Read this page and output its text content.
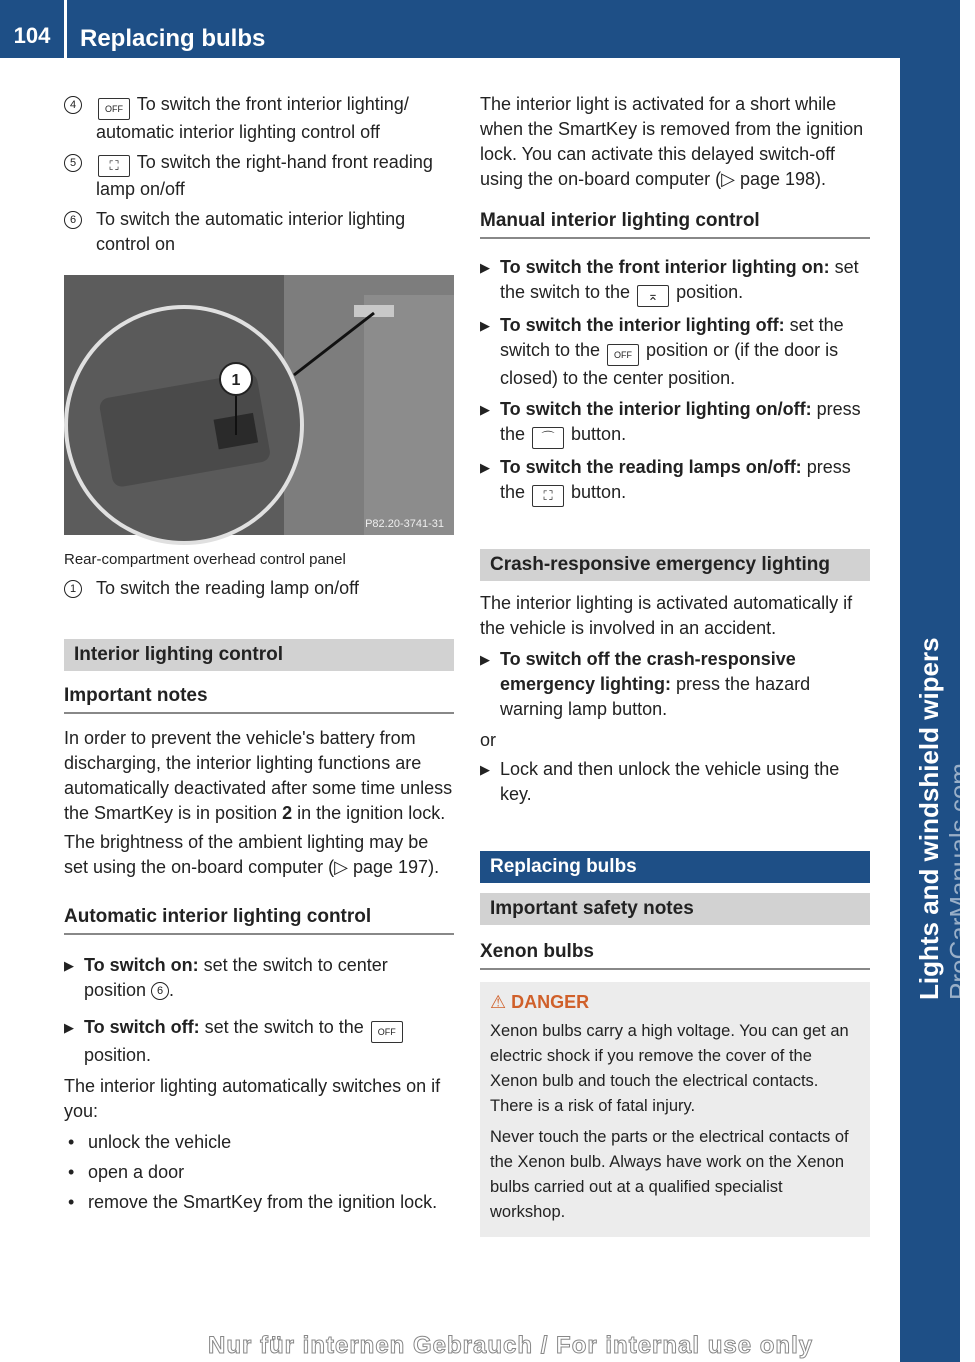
104	Replacing bulbs
Lights and windshield wipers ProCarManuals.com
4	OFF To switch the front interior lighting/ automatic interior lighting control off
5	⛶ To switch the right-hand front reading lamp on/off
6	To switch the automatic interior lighting control on
1
P82.20-3741-31
Rear-compartment overhead control panel
1	To switch the reading lamp on/off
Interior lighting control
Important notes

In order to prevent the vehicle's battery from discharging, the interior lighting functions are automatically deactivated after some time unless the SmartKey is in position 2 in the ignition lock.

The brightness of the ambient lighting may be set using the on-board computer (▷ page 197).

Automatic interior lighting control
▶ To switch on: set the switch to center position 6 .
▶ To switch off: set the switch to the OFF position.

The interior lighting automatically switches on if you:

• unlock the vehicle
• open a door
• remove the SmartKey from the ignition lock.

The interior light is activated for a short while when the SmartKey is removed from the ignition lock. You can activate this delayed switch-off using the on-board computer (▷ page 198).

Manual interior lighting control
▶ To switch the front interior lighting on: set the switch to the ⌅ position.
▶ To switch the interior lighting off: set the switch to the OFF position or (if the door is closed) to the center position.
▶ To switch the interior lighting on/off: press the ⌒ button.
▶ To switch the reading lamps on/off: press the ⛶ button.
Crash-responsive emergency lighting

The interior lighting is activated automatically if the vehicle is involved in an accident.

▶ To switch off the crash-responsive emergency lighting: press the hazard warning lamp button.

or

▶ Lock and then unlock the vehicle using the key.
Replacing bulbs
Important safety notes
Xenon bulbs
⚠ DANGER

Xenon bulbs carry a high voltage. You can get an electric shock if you remove the cover of the Xenon bulb and touch the electrical contacts. There is a risk of fatal injury.

Never touch the parts or the electrical contacts of the Xenon bulb. Always have work on the Xenon bulbs carried out at a qualified specialist workshop.

Nur für internen Gebrauch / For internal use only
